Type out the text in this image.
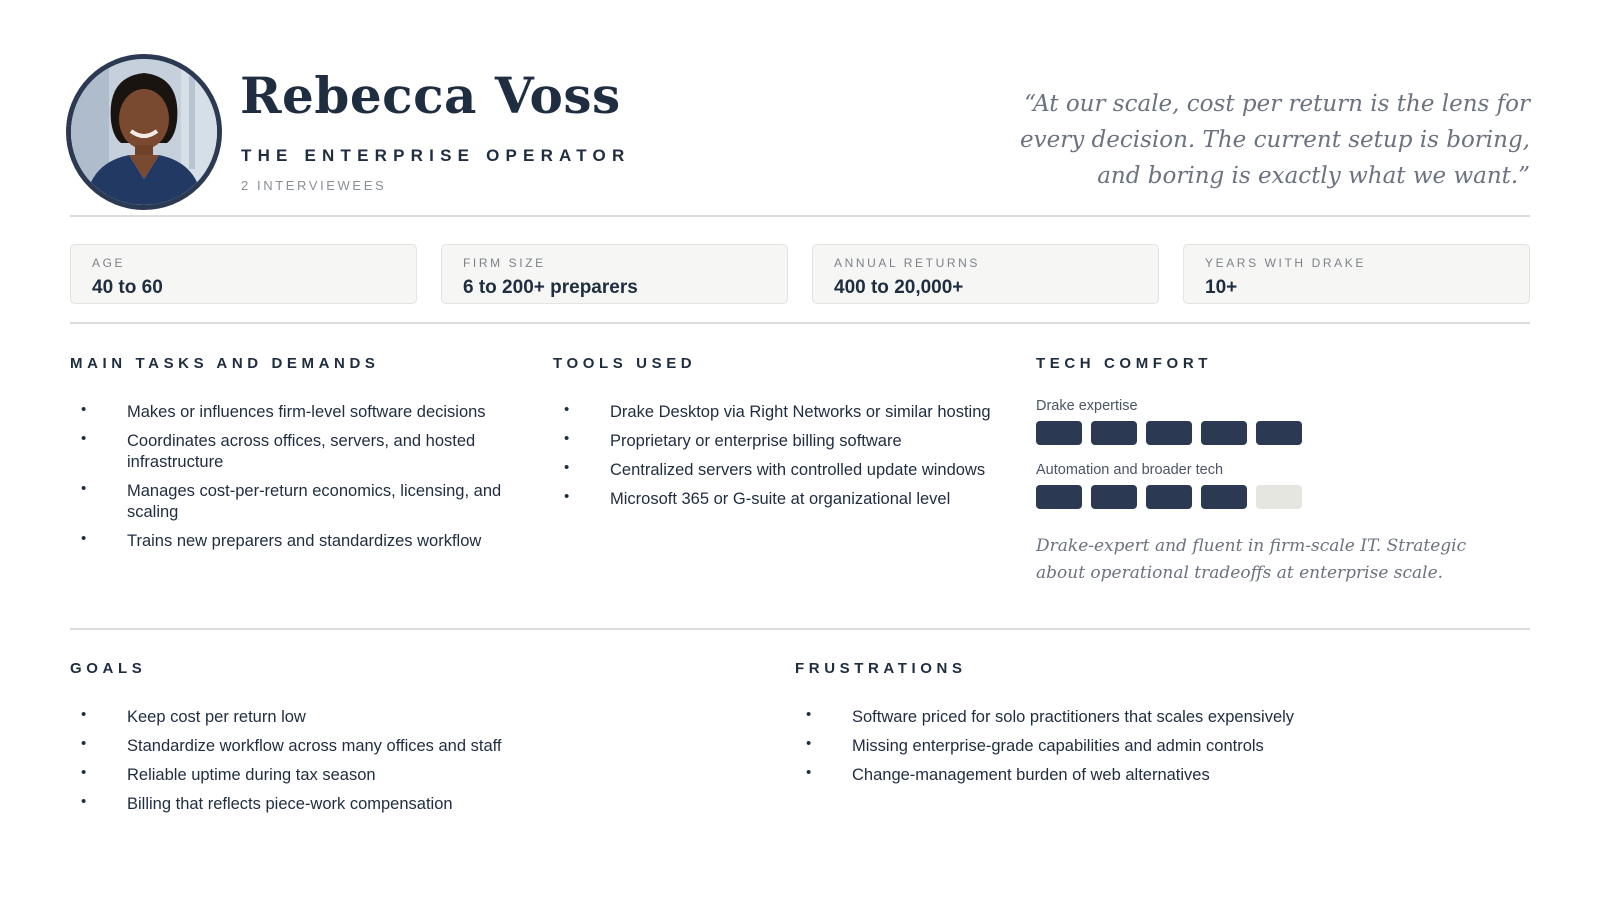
Rebecca Voss
THE ENTERPRISE OPERATOR
2 INTERVIEWEES
“At our scale, cost per return is the lens for every decision. The current setup is boring, and boring is exactly what we want.”
AGE
40 to 60
FIRM SIZE
6 to 200+ preparers
ANNUAL RETURNS
400 to 20,000+
YEARS WITH DRAKE
10+
MAIN TASKS AND DEMANDS
• Makes or influences firm-level software decisions
• Coordinates across offices, servers, and hosted infrastructure
• Manages cost-per-return economics, licensing, and scaling
• Trains new preparers and standardizes workflow
TOOLS USED
• Drake Desktop via Right Networks or similar hosting
• Proprietary or enterprise billing software
• Centralized servers with controlled update windows
• Microsoft 365 or G-suite at organizational level
TECH COMFORT
Drake expertise
Automation and broader tech
Drake-expert and fluent in firm-scale IT. Strategic about operational tradeoffs at enterprise scale.
GOALS
• Keep cost per return low
• Standardize workflow across many offices and staff
• Reliable uptime during tax season
• Billing that reflects piece-work compensation
FRUSTRATIONS
• Software priced for solo practitioners that scales expensively
• Missing enterprise-grade capabilities and admin controls
• Change-management burden of web alternatives
